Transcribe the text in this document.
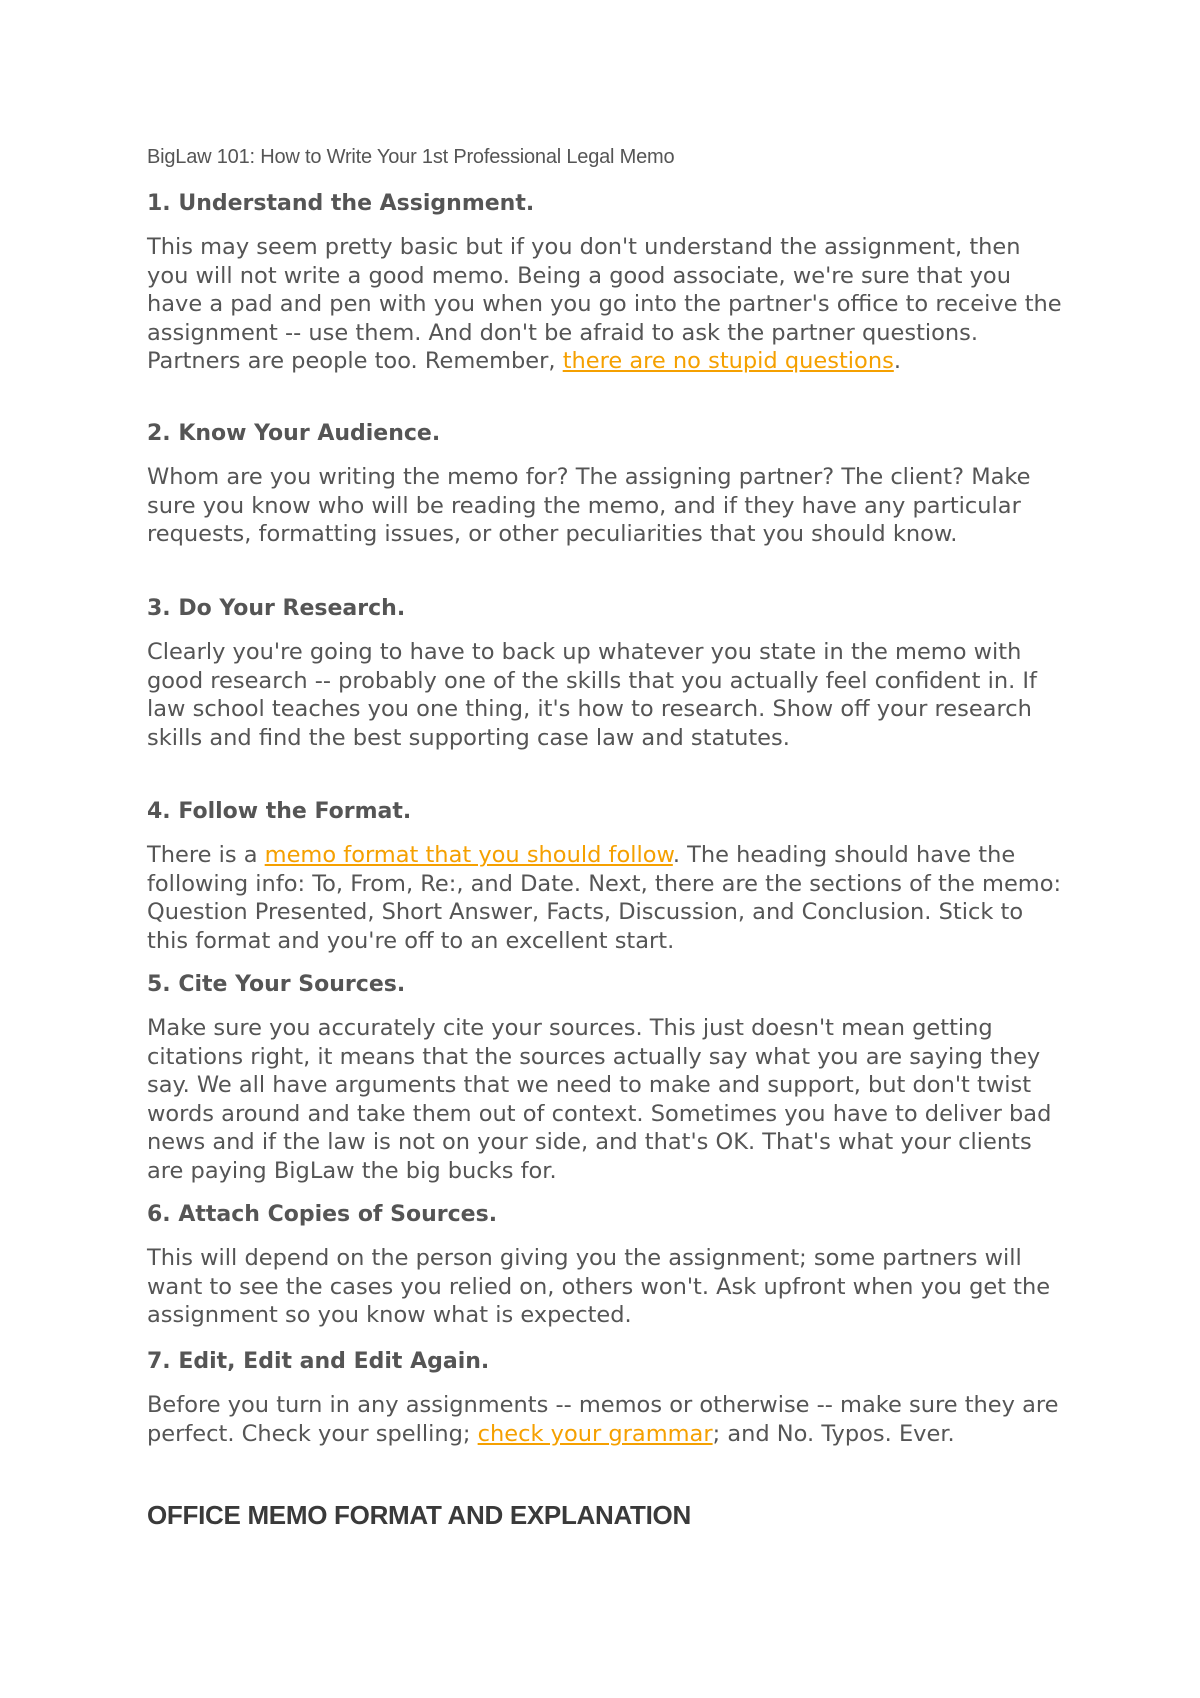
BigLaw 101: How to Write Your 1st Professional Legal Memo
1. Understand the Assignment.

This may seem pretty basic but if you don't understand the assignment, then you will not write a good memo. Being a good associate, we're sure that you have a pad and pen with you when you go into the partner's office to receive the assignment -- use them. And don't be afraid to ask the partner questions. Partners are people too. Remember, there are no stupid questions.

2. Know Your Audience.

Whom are you writing the memo for? The assigning partner? The client? Make sure you know who will be reading the memo, and if they have any particular requests, formatting issues, or other peculiarities that you should know.

3. Do Your Research.

Clearly you're going to have to back up whatever you state in the memo with good research -- probably one of the skills that you actually feel confident in. If law school teaches you one thing, it's how to research. Show off your research skills and find the best supporting case law and statutes.

4. Follow the Format.

There is a memo format that you should follow. The heading should have the following info: To, From, Re:, and Date. Next, there are the sections of the memo: Question Presented, Short Answer, Facts, Discussion, and Conclusion. Stick to this format and you're off to an excellent start.

5. Cite Your Sources.

Make sure you accurately cite your sources. This just doesn't mean getting citations right, it means that the sources actually say what you are saying they say. We all have arguments that we need to make and support, but don't twist words around and take them out of context. Sometimes you have to deliver bad news and if the law is not on your side, and that's OK. That's what your clients are paying BigLaw the big bucks for.

6. Attach Copies of Sources.

This will depend on the person giving you the assignment; some partners will want to see the cases you relied on, others won't. Ask upfront when you get the assignment so you know what is expected.

7. Edit, Edit and Edit Again.

Before you turn in any assignments -- memos or otherwise -- make sure they are perfect. Check your spelling; check your grammar; and No. Typos. Ever.

OFFICE MEMO FORMAT AND EXPLANATION
